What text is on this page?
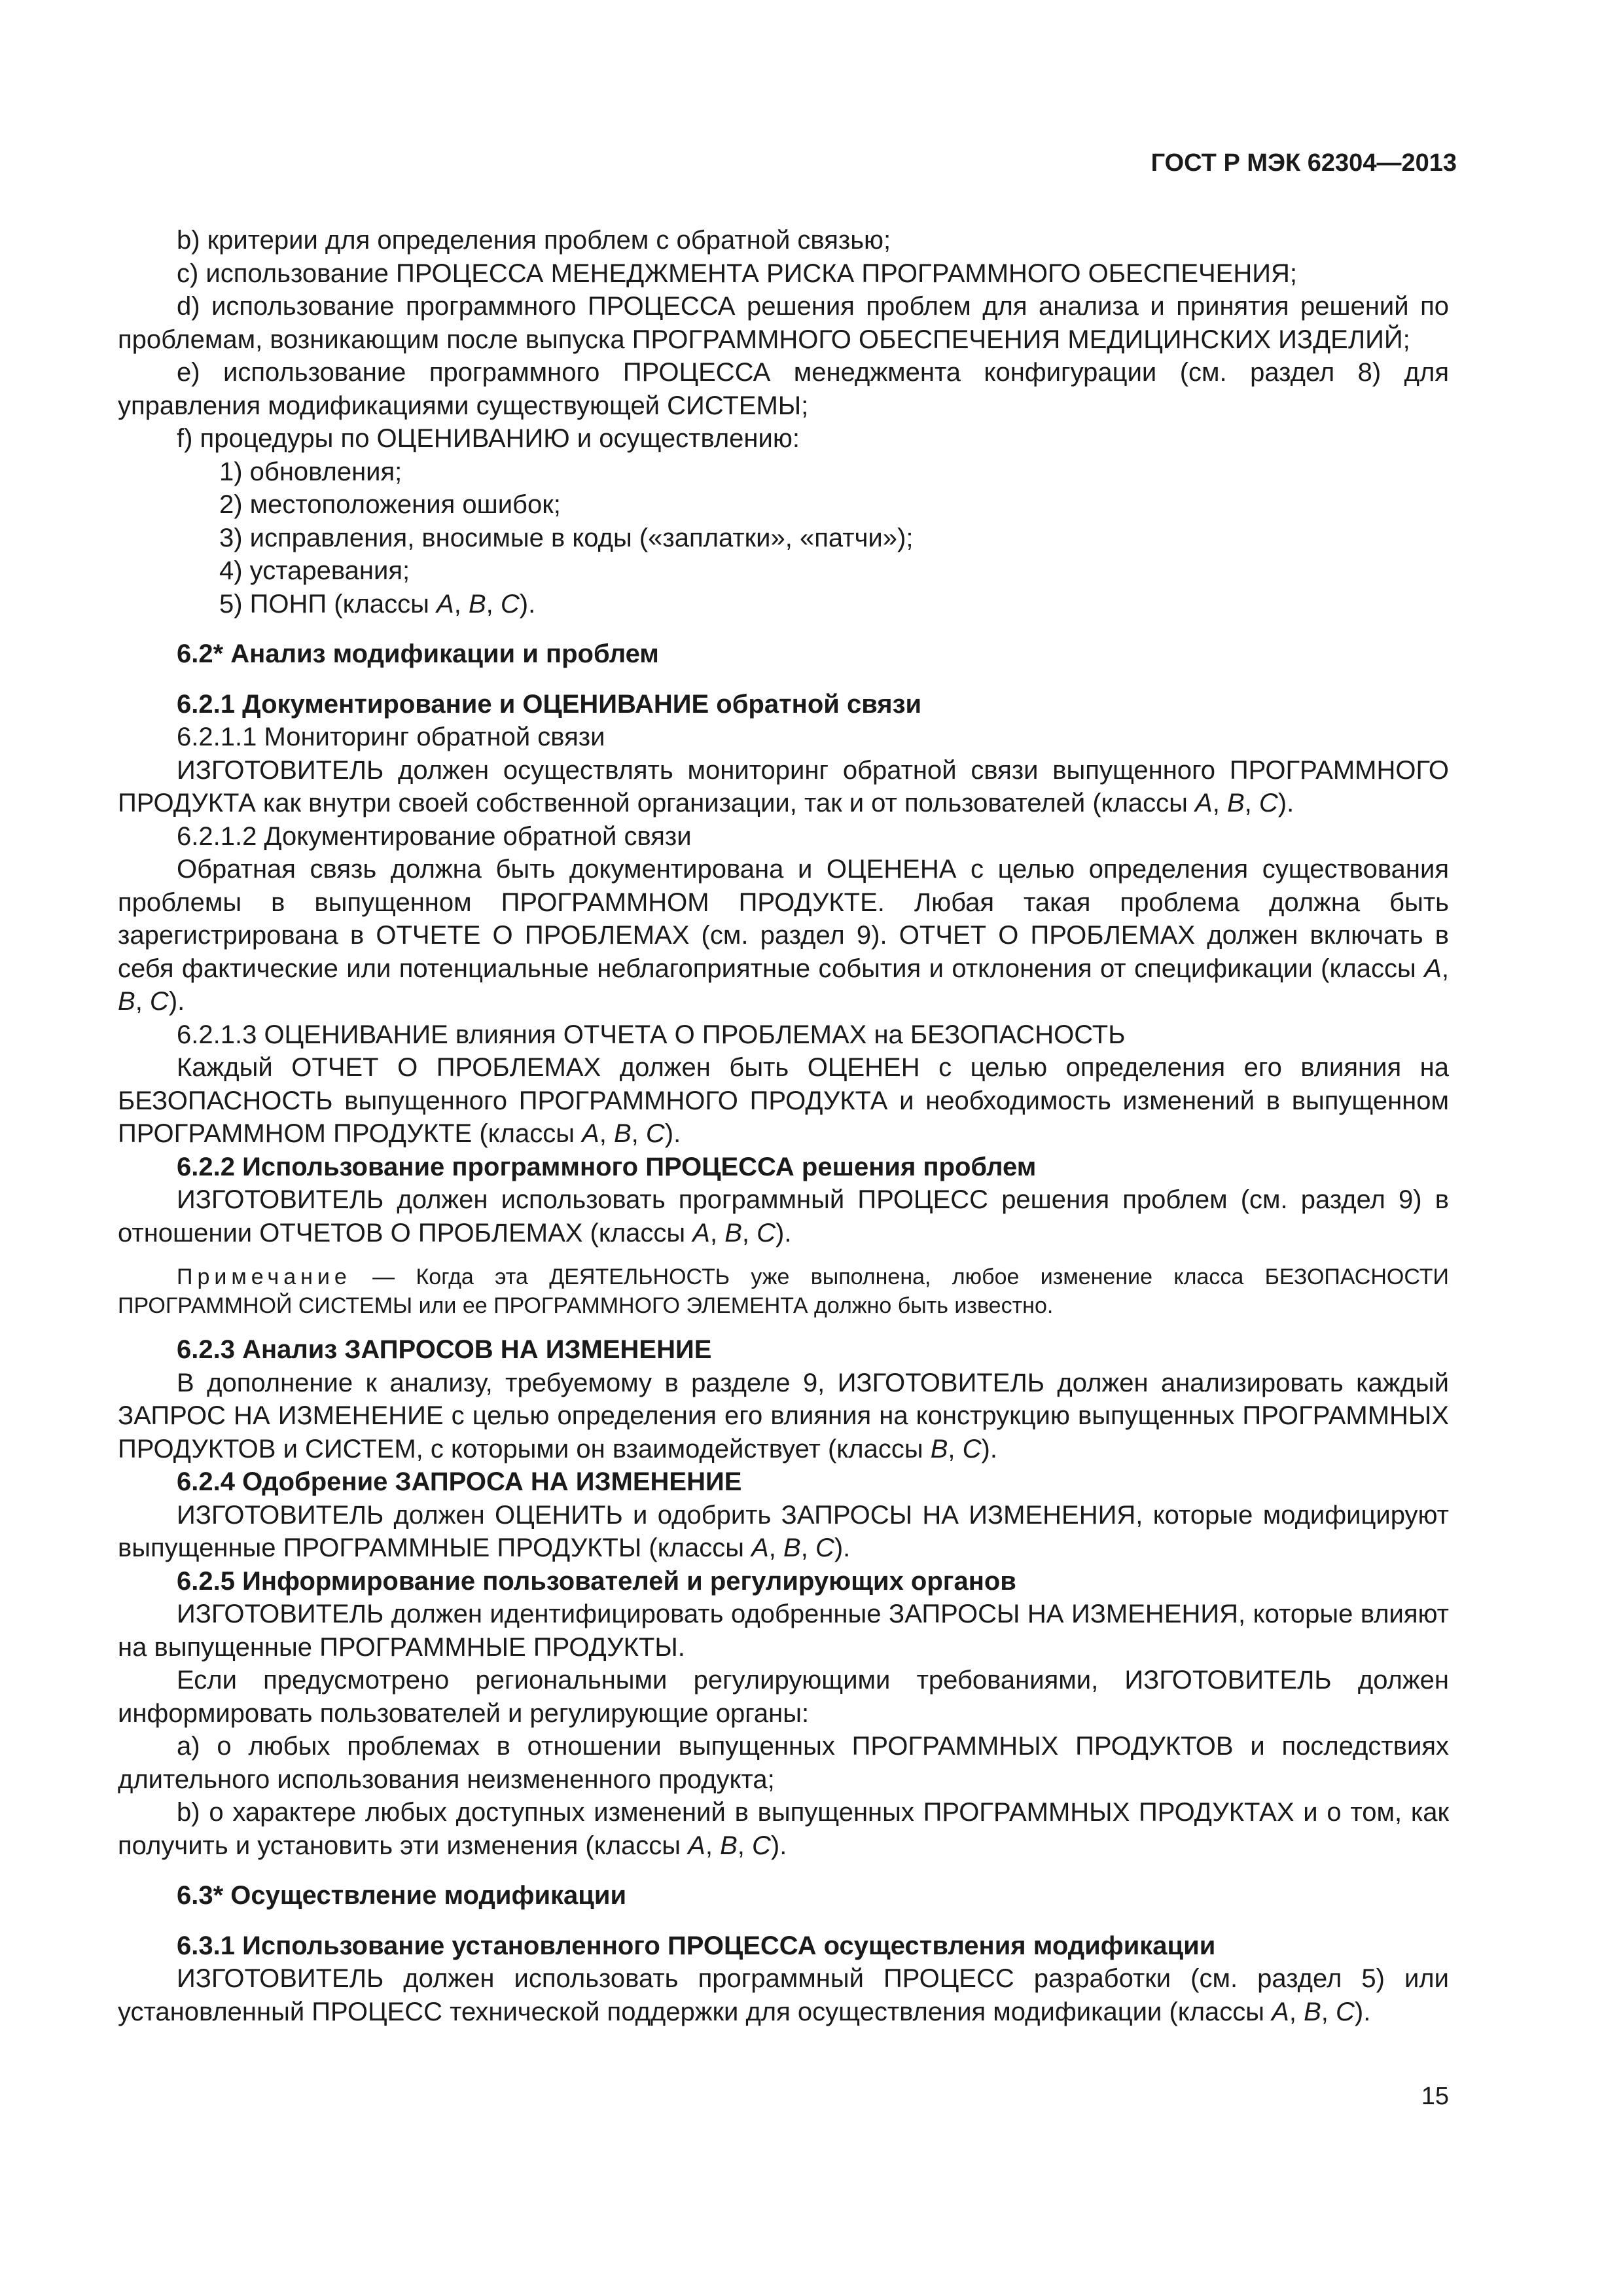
ГОСТ Р МЭК 62304—2013

b) критерии для определения проблем с обратной связью;

c) использование ПРОЦЕССА МЕНЕДЖМЕНТА РИСКА ПРОГРАММНОГО ОБЕСПЕЧЕНИЯ;

d) использование программного ПРОЦЕССА решения проблем для анализа и принятия решений по проблемам, возникающим после выпуска ПРОГРАММНОГО ОБЕСПЕЧЕНИЯ МЕДИЦИНСКИХ ИЗДЕЛИЙ;

e) использование программного ПРОЦЕССА менеджмента конфигурации (см. раздел 8) для управления модификациями существующей СИСТЕМЫ;

f) процедуры по ОЦЕНИВАНИЮ и осуществлению:

1) обновления;

2) местоположения ошибок;

3) исправления, вносимые в коды («заплатки», «патчи»);

4) устаревания;

5) ПОНП (классы A, B, C).

6.2* Анализ модификации и проблем

6.2.1 Документирование и ОЦЕНИВАНИЕ обратной связи

6.2.1.1 Мониторинг обратной связи

ИЗГОТОВИТЕЛЬ должен осуществлять мониторинг обратной связи выпущенного ПРОГРАММНОГО ПРОДУКТА как внутри своей собственной организации, так и от пользователей (классы A, B, C).

6.2.1.2 Документирование обратной связи

Обратная связь должна быть документирована и ОЦЕНЕНА с целью определения существования проблемы в выпущенном ПРОГРАММНОМ ПРОДУКТЕ. Любая такая проблема должна быть зарегистрирована в ОТЧЕТЕ О ПРОБЛЕМАХ (см. раздел 9). ОТЧЕТ О ПРОБЛЕМАХ должен включать в себя фактические или потенциальные неблагоприятные события и отклонения от спецификации (классы A, B, C).

6.2.1.3 ОЦЕНИВАНИЕ влияния ОТЧЕТА О ПРОБЛЕМАХ на БЕЗОПАСНОСТЬ

Каждый ОТЧЕТ О ПРОБЛЕМАХ должен быть ОЦЕНЕН с целью определения его влияния на БЕЗОПАСНОСТЬ выпущенного ПРОГРАММНОГО ПРОДУКТА и необходимость изменений в выпущенном ПРОГРАММНОМ ПРОДУКТЕ (классы A, B, C).

6.2.2 Использование программного ПРОЦЕССА решения проблем

ИЗГОТОВИТЕЛЬ должен использовать программный ПРОЦЕСС решения проблем (см. раздел 9) в отношении ОТЧЕТОВ О ПРОБЛЕМАХ (классы A, B, C).

Примечание — Когда эта ДЕЯТЕЛЬНОСТЬ уже выполнена, любое изменение класса БЕЗОПАСНОСТИ ПРОГРАММНОЙ СИСТЕМЫ или ее ПРОГРАММНОГО ЭЛЕМЕНТА должно быть известно.

6.2.3 Анализ ЗАПРОСОВ НА ИЗМЕНЕНИЕ

В дополнение к анализу, требуемому в разделе 9, ИЗГОТОВИТЕЛЬ должен анализировать каждый ЗАПРОС НА ИЗМЕНЕНИЕ с целью определения его влияния на конструкцию выпущенных ПРОГРАММНЫХ ПРОДУКТОВ и СИСТЕМ, с которыми он взаимодействует (классы B, C).

6.2.4 Одобрение ЗАПРОСА НА ИЗМЕНЕНИЕ

ИЗГОТОВИТЕЛЬ должен ОЦЕНИТЬ и одобрить ЗАПРОСЫ НА ИЗМЕНЕНИЯ, которые модифицируют выпущенные ПРОГРАММНЫЕ ПРОДУКТЫ (классы A, B, C).

6.2.5 Информирование пользователей и регулирующих органов

ИЗГОТОВИТЕЛЬ должен идентифицировать одобренные ЗАПРОСЫ НА ИЗМЕНЕНИЯ, которые влияют на выпущенные ПРОГРАММНЫЕ ПРОДУКТЫ.

Если предусмотрено региональными регулирующими требованиями, ИЗГОТОВИТЕЛЬ должен информировать пользователей и регулирующие органы:

а) о любых проблемах в отношении выпущенных ПРОГРАММНЫХ ПРОДУКТОВ и последствиях длительного использования неизмененного продукта;

b) о характере любых доступных изменений в выпущенных ПРОГРАММНЫХ ПРОДУКТАХ и о том, как получить и установить эти изменения (классы A, B, C).

6.3* Осуществление модификации

6.3.1 Использование установленного ПРОЦЕССА осуществления модификации

ИЗГОТОВИТЕЛЬ должен использовать программный ПРОЦЕСС разработки (см. раздел 5) или установленный ПРОЦЕСС технической поддержки для осуществления модификации (классы A, B, C).

15
